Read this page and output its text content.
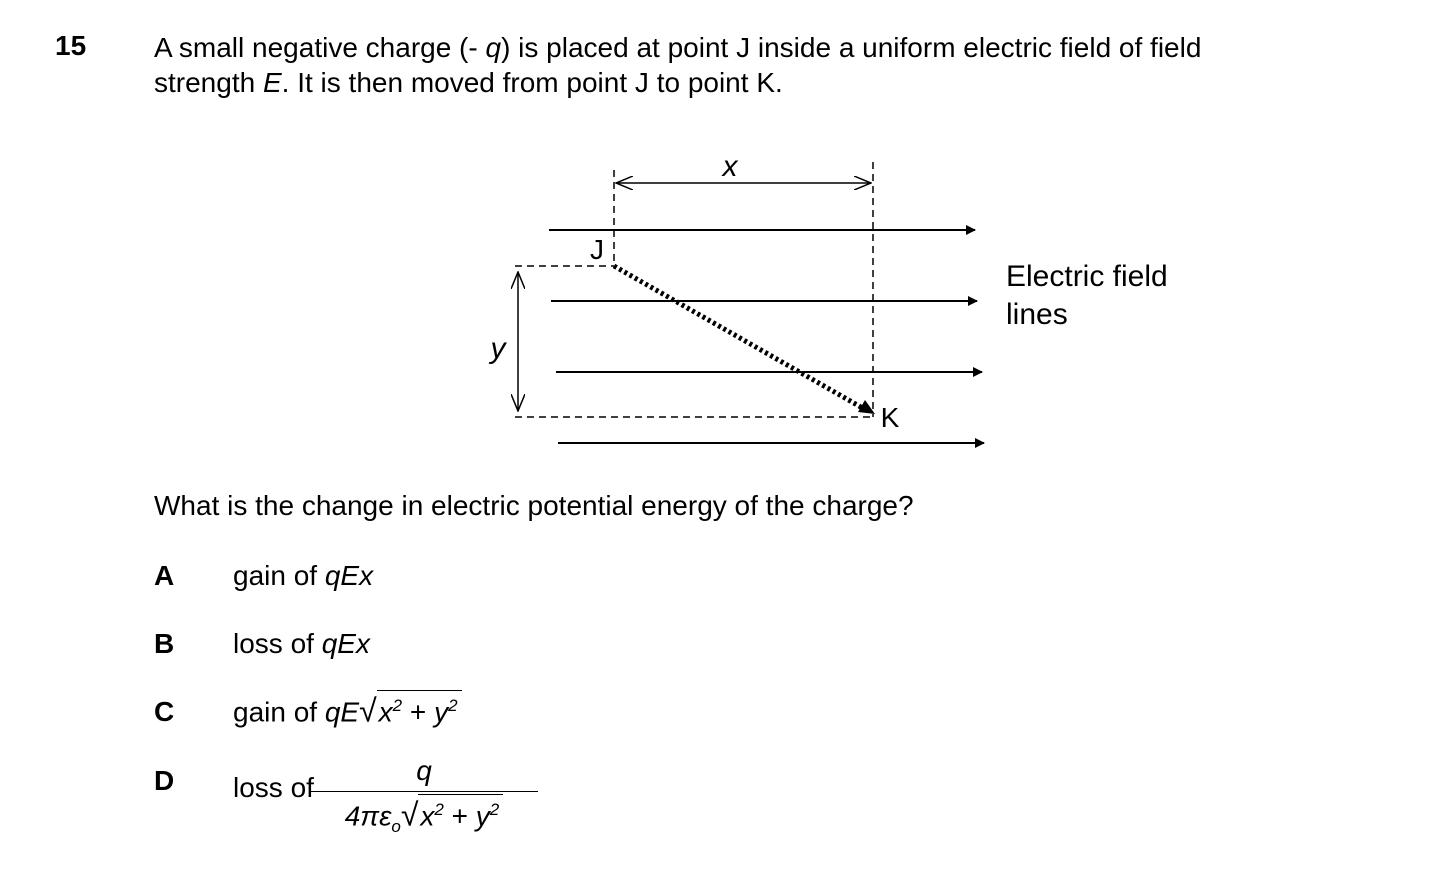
15 A small negative charge (- q) is placed at point J inside a uniform electric field of field

strength E. It is then moved from point J to point K.

x
y
J
K
Electric field
lines
What is the change in electric potential energy of the charge?
A gain of qEx
B loss of qEx
C gain of $qE√x^2 + y^2$
D loss of
q
$4\pi\varepsilon_o√x^2 + y^2$
